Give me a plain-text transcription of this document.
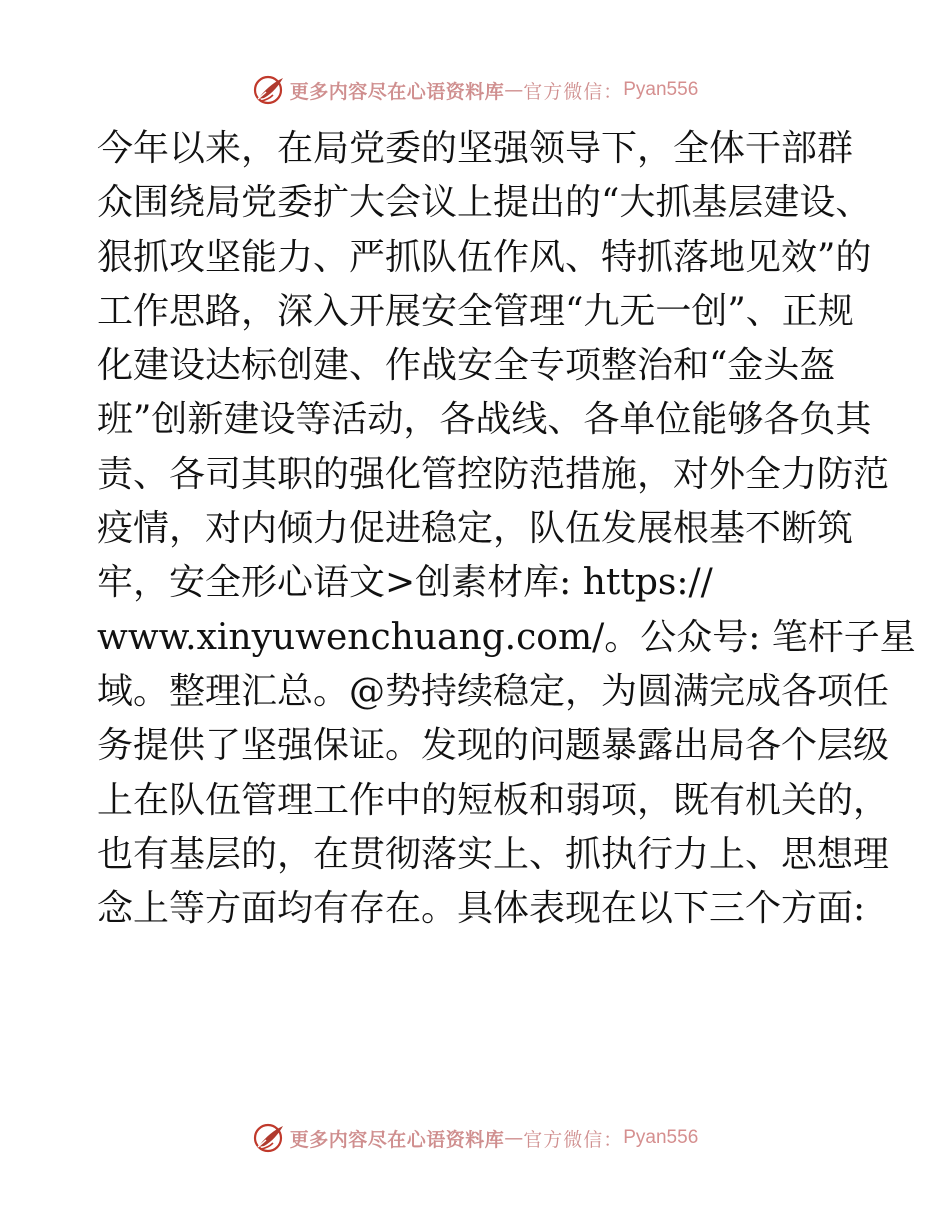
更多内容尽在心语资料库 — 官方微信： Pyan556
今年以来，在局党委的坚强领导下，全体干部群
众围绕局党委扩大会议上提出的“大抓基层建设、
狠抓攻坚能力、严抓队伍作风、特抓落地见效”的
工作思路，深入开展安全管理“九无一创”、正规
化建设达标创建、作战安全专项整治和“金头盔
班”创新建设等活动，各战线、各单位能够各负其
责、各司其职的强化管控防范措施，对外全力防范
疫情，对内倾力促进稳定，队伍发展根基不断筑
牢，安全形心语文>创素材库: https://
www.xinyuwenchuang.com/。公众号: 笔杆子星
域。整理汇总。@势持续稳定，为圆满完成各项任
务提供了坚强保证。发现的问题暴露出局各个层级
上在队伍管理工作中的短板和弱项，既有机关的，
也有基层的，在贯彻落实上、抓执行力上、思想理
念上等方面均有存在。具体表现在以下三个方面:
更多内容尽在心语资料库 — 官方微信： Pyan556
